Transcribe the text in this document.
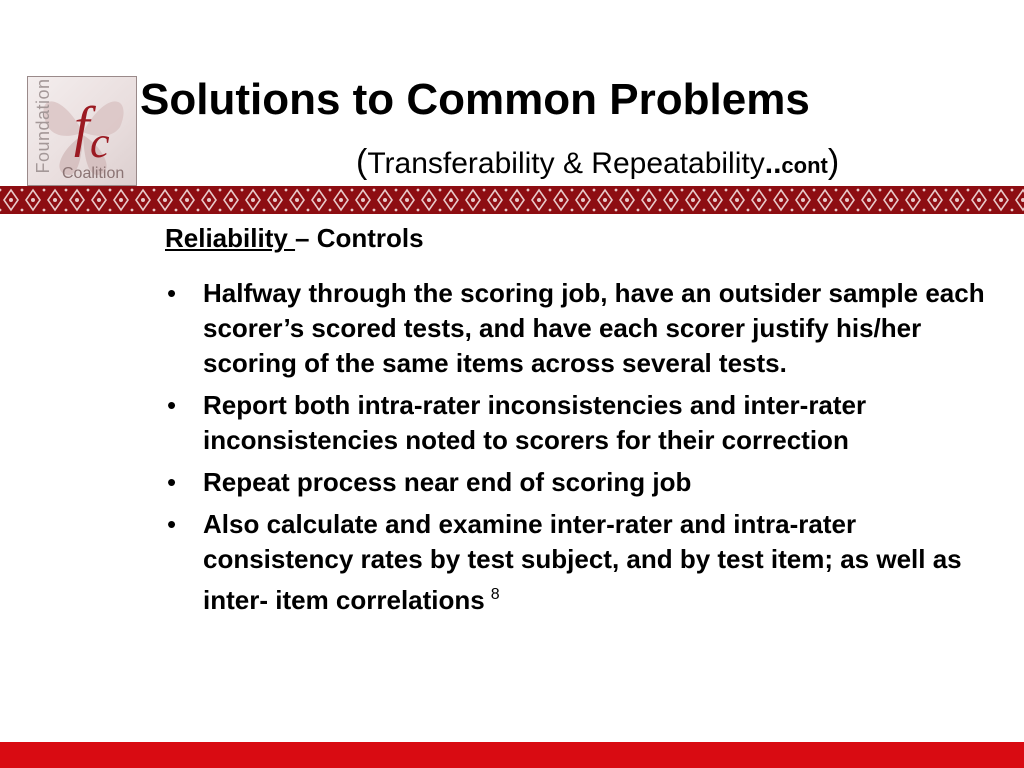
f c
Foundation Coalition
Solutions to Common Problems
(Transferability & Repeatability..cont)
Reliability – Controls
• Halfway through the scoring job, have an outsider sample each scorer’s scored tests, and have each scorer justify his/her scoring of the same items across several tests.
• Report both intra-rater inconsistencies and inter-rater inconsistencies noted to scorers for their correction
• Repeat process near end of scoring job
• Also calculate and examine inter-rater and intra-rater consistency rates by test subject, and by test item; as well as inter- item correlations $^8$
